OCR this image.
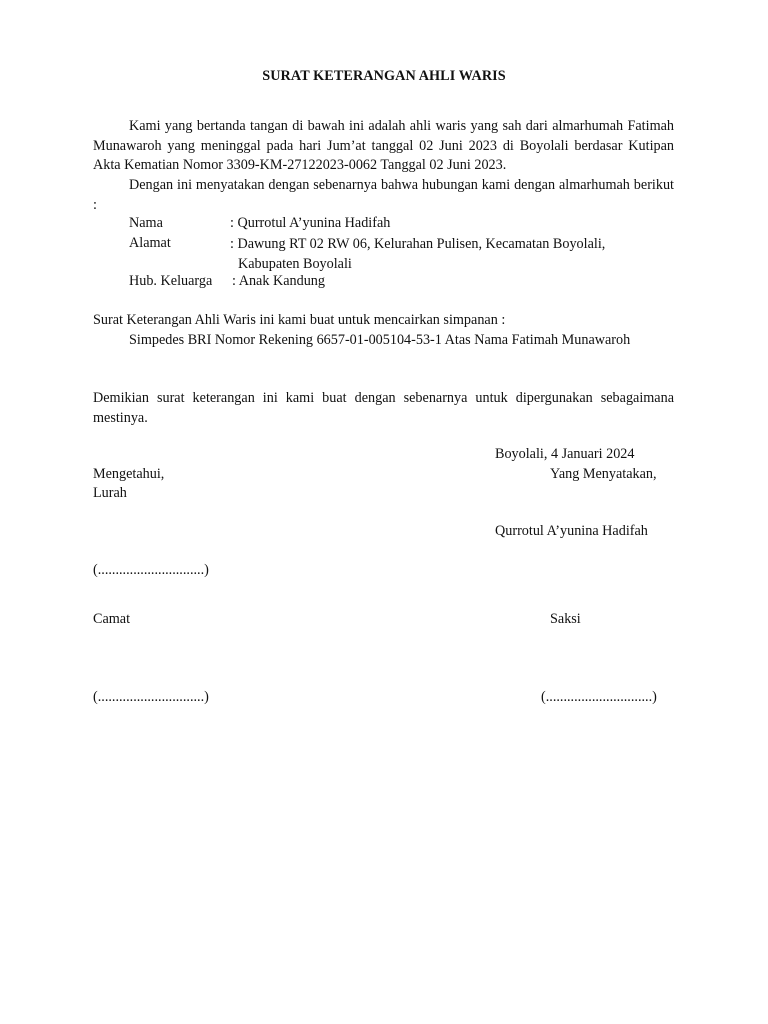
SURAT KETERANGAN AHLI WARIS

Kami yang bertanda tangan di bawah ini adalah ahli waris yang sah dari almarhumah Fatimah Munawaroh yang meninggal pada hari Jum’at tanggal 02 Juni 2023 di Boyolali berdasar Kutipan Akta Kematian Nomor 3309-KM-27122023-0062 Tanggal 02 Juni 2023.

Dengan ini menyatakan dengan sebenarnya bahwa hubungan kami dengan almarhumah berikut :

Nama	: Qurrotul A’yunina Hadifah
Alamat	: Dawung RT 02 RW 06, Kelurahan Pulisen, Kecamatan Boyolali,
Kabupaten Boyolali
Hub. Keluarga : Anak Kandung
Surat Keterangan Ahli Waris ini kami buat untuk mencairkan simpanan :
Simpedes BRI Nomor Rekening 6657-01-005104-53-1 Atas Nama Fatimah Munawaroh

Demikian surat keterangan ini kami buat dengan sebenarnya untuk dipergunakan sebagaimana mestinya.

Boyolali, 4 Januari 2024
Mengetahui,	Yang Menyatakan,
Lurah
Qurrotul A’yunina Hadifah
(..............................)
Camat	Saksi
(..............................)	(..............................)
